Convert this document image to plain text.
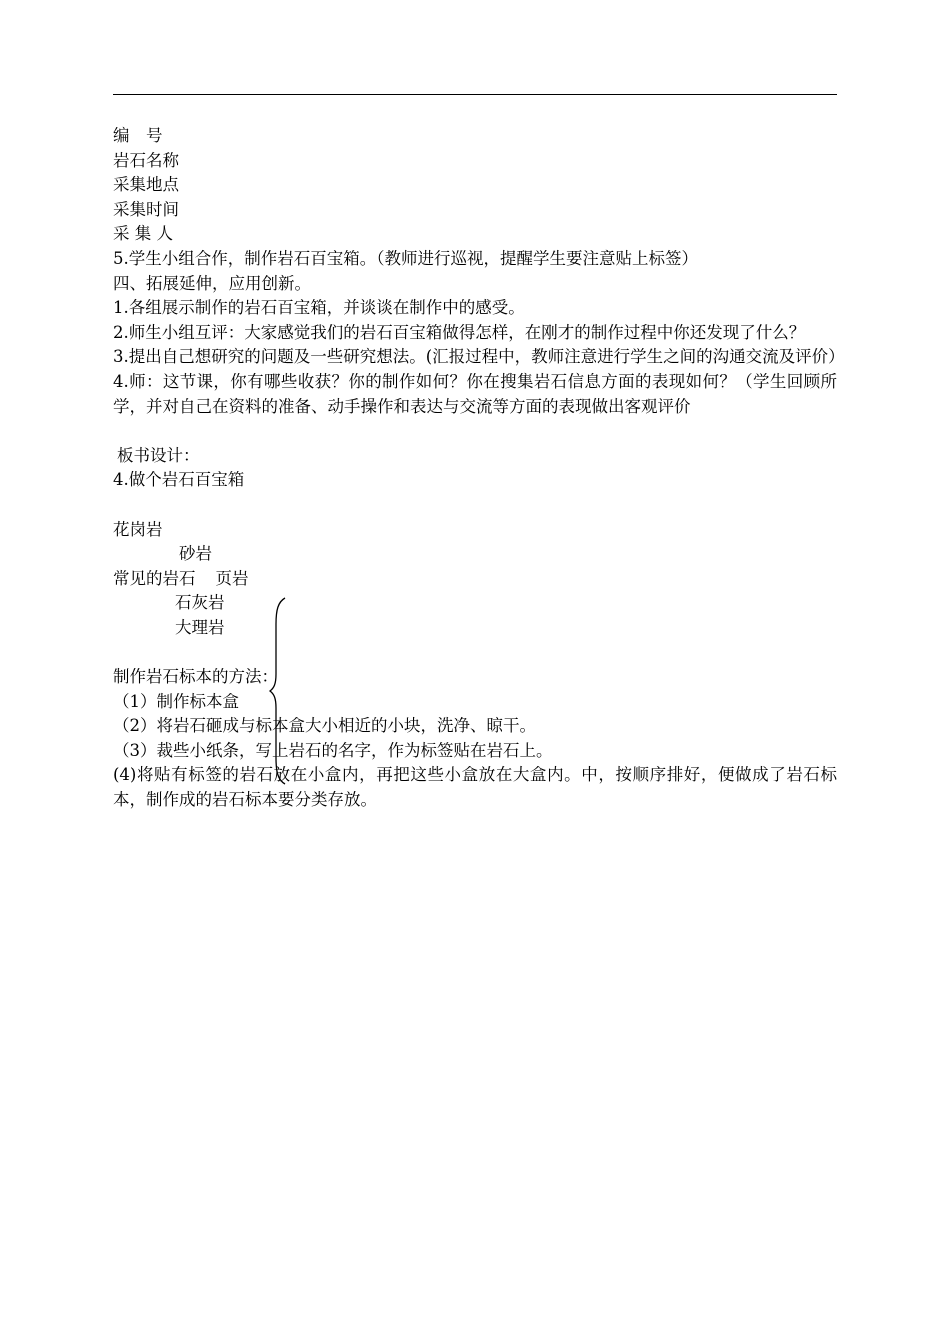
编　号
岩石名称
采集地点
采集时间
采 集 人
5.学生小组合作，制作岩石百宝箱。（教师进行巡视，提醒学生要注意贴上标签）
四、拓展延伸，应用创新。
1.各组展示制作的岩石百宝箱，并谈谈在制作中的感受。
2.师生小组互评：大家感觉我们的岩石百宝箱做得怎样，在刚才的制作过程中你还发现了什么？
3.提出自己想研究的问题及一些研究想法。(汇报过程中，教师注意进行学生之间的沟通交流及评价）
4.师：这节课，你有哪些收获？你的制作如何？你在搜集岩石信息方面的表现如何？（学生回顾所学，并对自己在资料的准备、动手操作和表达与交流等方面的表现做出客观评价
板书设计：
4.做个岩石百宝箱
花岗岩
砂岩
常见的岩石 页岩
石灰岩
大理岩
制作岩石标本的方法：
（1）制作标本盒
（2）将岩石砸成与标本盒大小相近的小块，洗净、晾干。
（3）裁些小纸条，写上岩石的名字，作为标签贴在岩石上。
(4)将贴有标签的岩石放在小盒内，再把这些小盒放在大盒内。中，按顺序排好，便做成了岩石标本，制作成的岩石标本要分类存放。
